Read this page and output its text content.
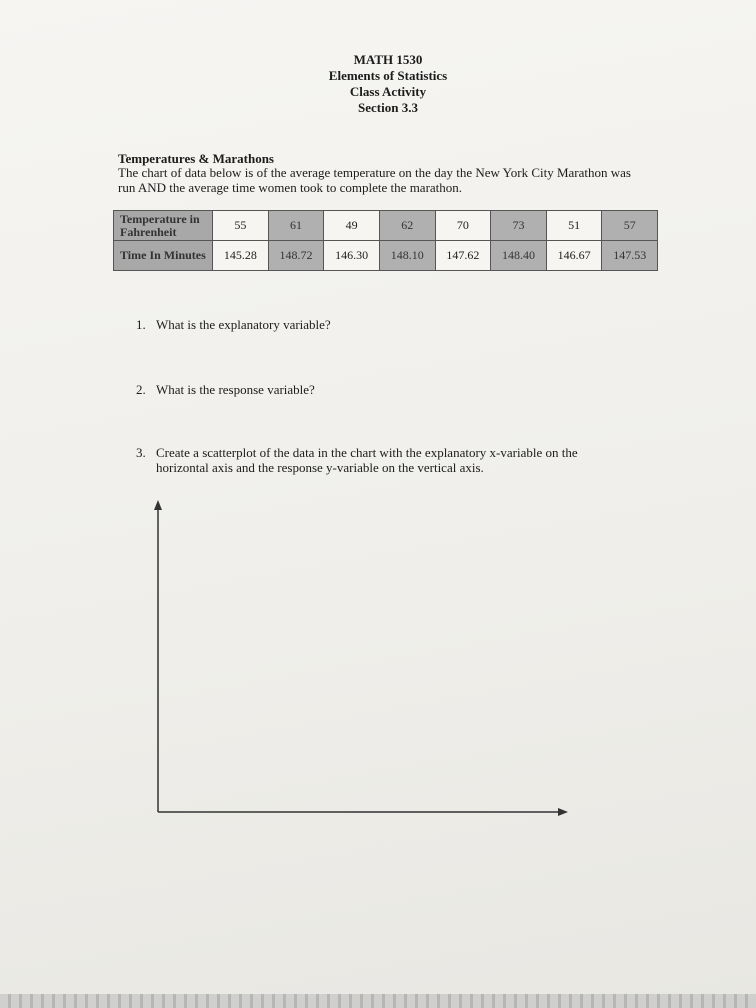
MATH 1530
Elements of Statistics
Class Activity
Section 3.3
Temperatures & Marathons
The chart of data below is of the average temperature on the day the New York City Marathon was run AND the average time women took to complete the marathon.
Temperature in Fahrenheit	55	61	49	62	70	73	51	57
Time In Minutes	145.28	148.72	146.30	148.10	147.62	148.40	146.67	147.53
1. What is the explanatory variable?
2. What is the response variable?
3. Create a scatterplot of the data in the chart with the explanatory x-variable on the
horizontal axis and the response y-variable on the vertical axis.
